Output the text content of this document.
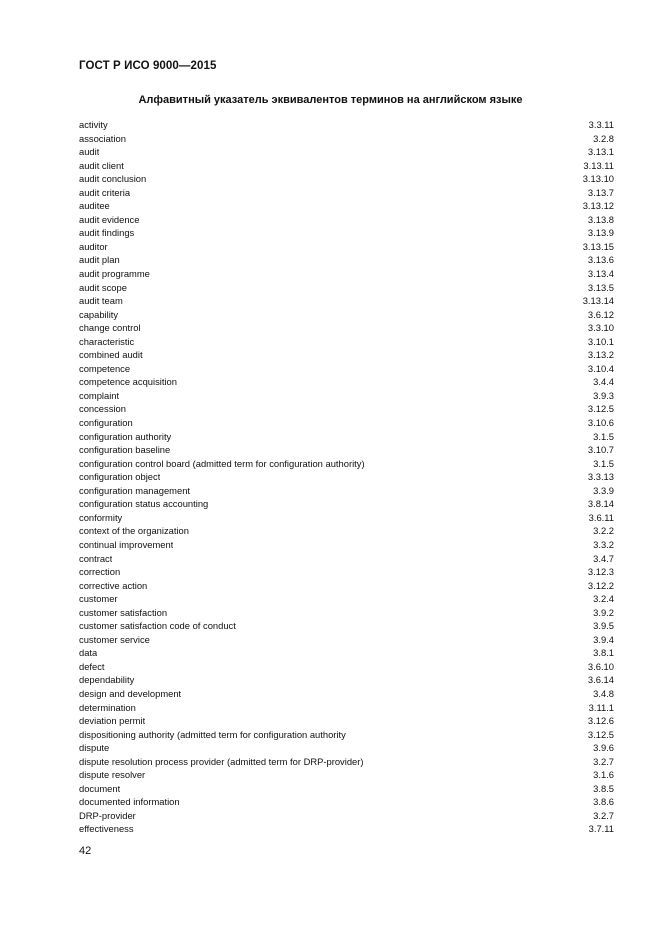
ГОСТ Р ИСО 9000—2015
Алфавитный указатель эквивалентов терминов на английском языке
activity	3.3.11
association	3.2.8
audit	3.13.1
audit client	3.13.11
audit conclusion	3.13.10
audit criteria	3.13.7
auditee	3.13.12
audit evidence	3.13.8
audit findings	3.13.9
auditor	3.13.15
audit plan	3.13.6
audit programme	3.13.4
audit scope	3.13.5
audit team	3.13.14
capability	3.6.12
change control	3.3.10
characteristic	3.10.1
combined audit	3.13.2
competence	3.10.4
competence acquisition	3.4.4
complaint	3.9.3
concession	3.12.5
configuration	3.10.6
configuration authority	3.1.5
configuration baseline	3.10.7
configuration control board (admitted term for configuration authority)	3.1.5
configuration object	3.3.13
configuration management	3.3.9
configuration status accounting	3.8.14
conformity	3.6.11
context of the organization	3.2.2
continual improvement	3.3.2
contract	3.4.7
correction	3.12.3
corrective action	3.12.2
customer	3.2.4
customer satisfaction	3.9.2
customer satisfaction code of conduct	3.9.5
customer service	3.9.4
data	3.8.1
defect	3.6.10
dependability	3.6.14
design and development	3.4.8
determination	3.11.1
deviation permit	3.12.6
dispositioning authority (admitted term for configuration authority	3.12.5
dispute	3.9.6
dispute resolution process provider (admitted term for DRP-provider)	3.2.7
dispute resolver	3.1.6
document	3.8.5
documented information	3.8.6
DRP-provider	3.2.7
effectiveness	3.7.11
42
